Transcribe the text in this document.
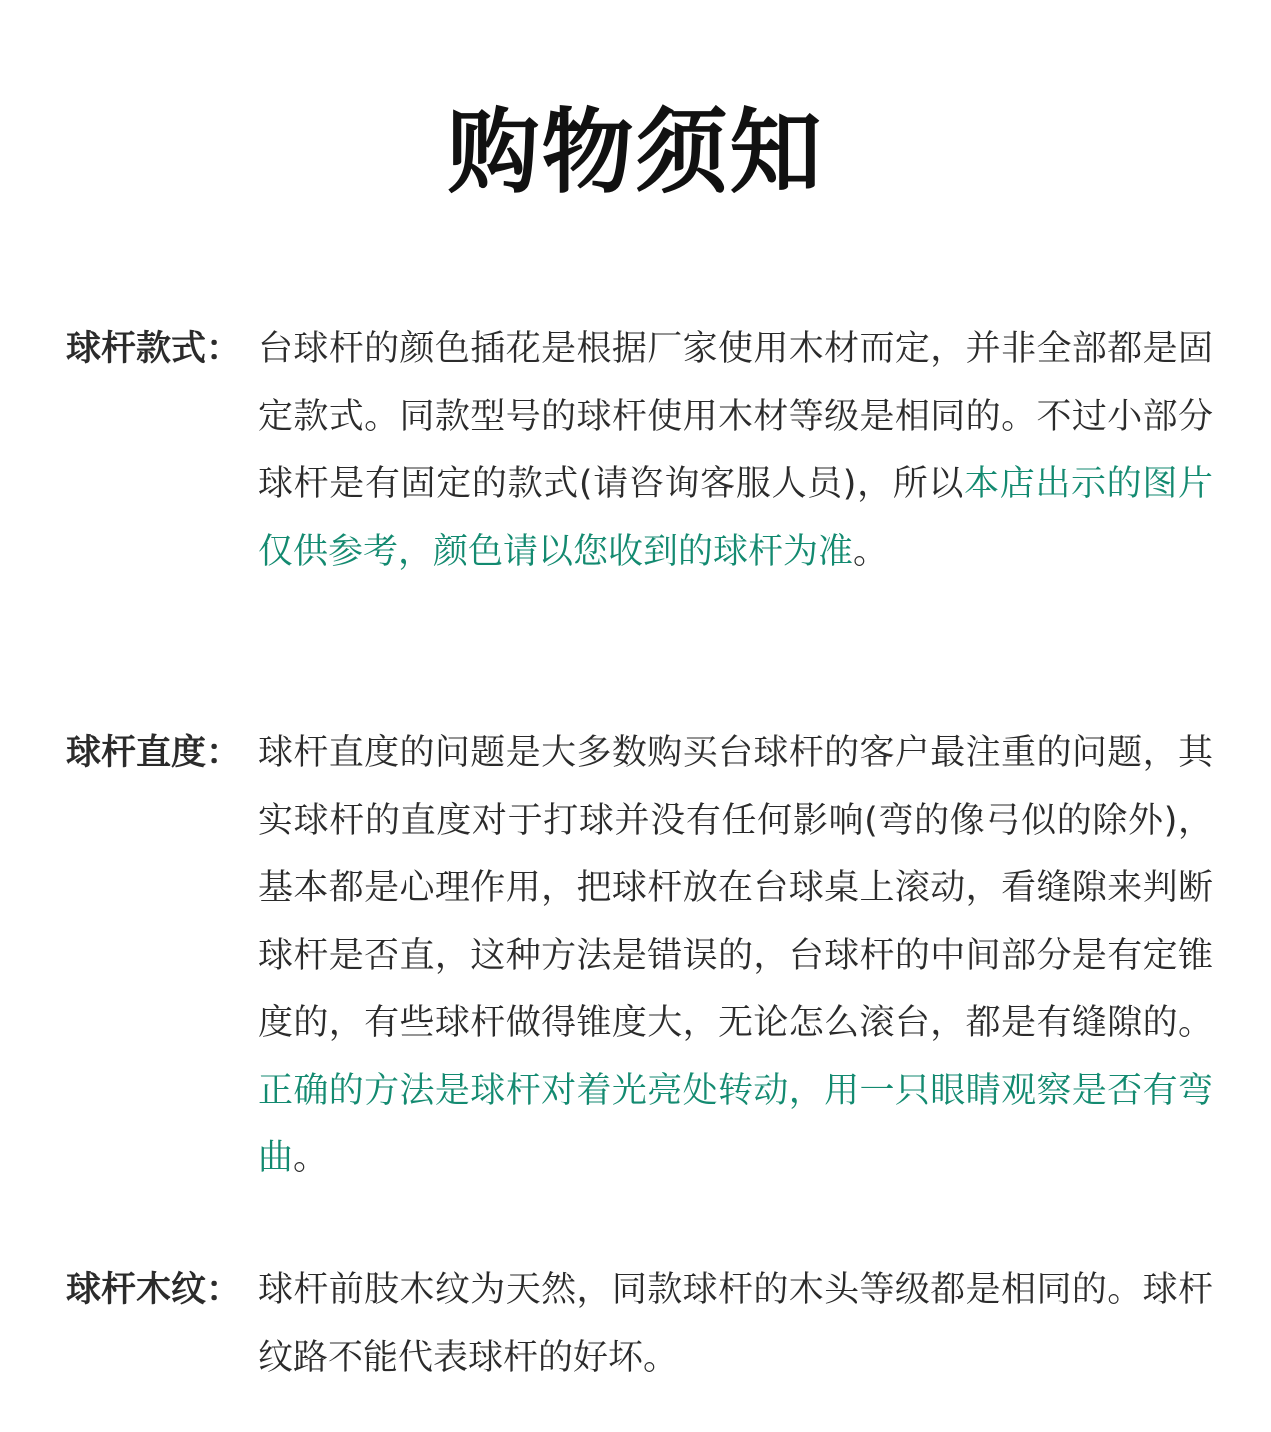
购物须知
球杆款式： 台球杆的颜色插花是根据厂家使用木材而定，并非全部都是固定款式。同款型号的球杆使用木材等级是相同的。不过小部分球杆是有固定的款式(请咨询客服人员)，所以本店出示的图片仅供参考，颜色请以您收到的球杆为准。
球杆直度： 球杆直度的问题是大多数购买台球杆的客户最注重的问题，其实球杆的直度对于打球并没有任何影响(弯的像弓似的除外)，基本都是心理作用，把球杆放在台球桌上滚动，看缝隙来判断球杆是否直，这种方法是错误的，台球杆的中间部分是有定锥度的，有些球杆做得锥度大，无论怎么滚台，都是有缝隙的。正确的方法是球杆对着光亮处转动，用一只眼睛观察是否有弯曲。
球杆木纹： 球杆前肢木纹为天然，同款球杆的木头等级都是相同的。球杆纹路不能代表球杆的好坏。
